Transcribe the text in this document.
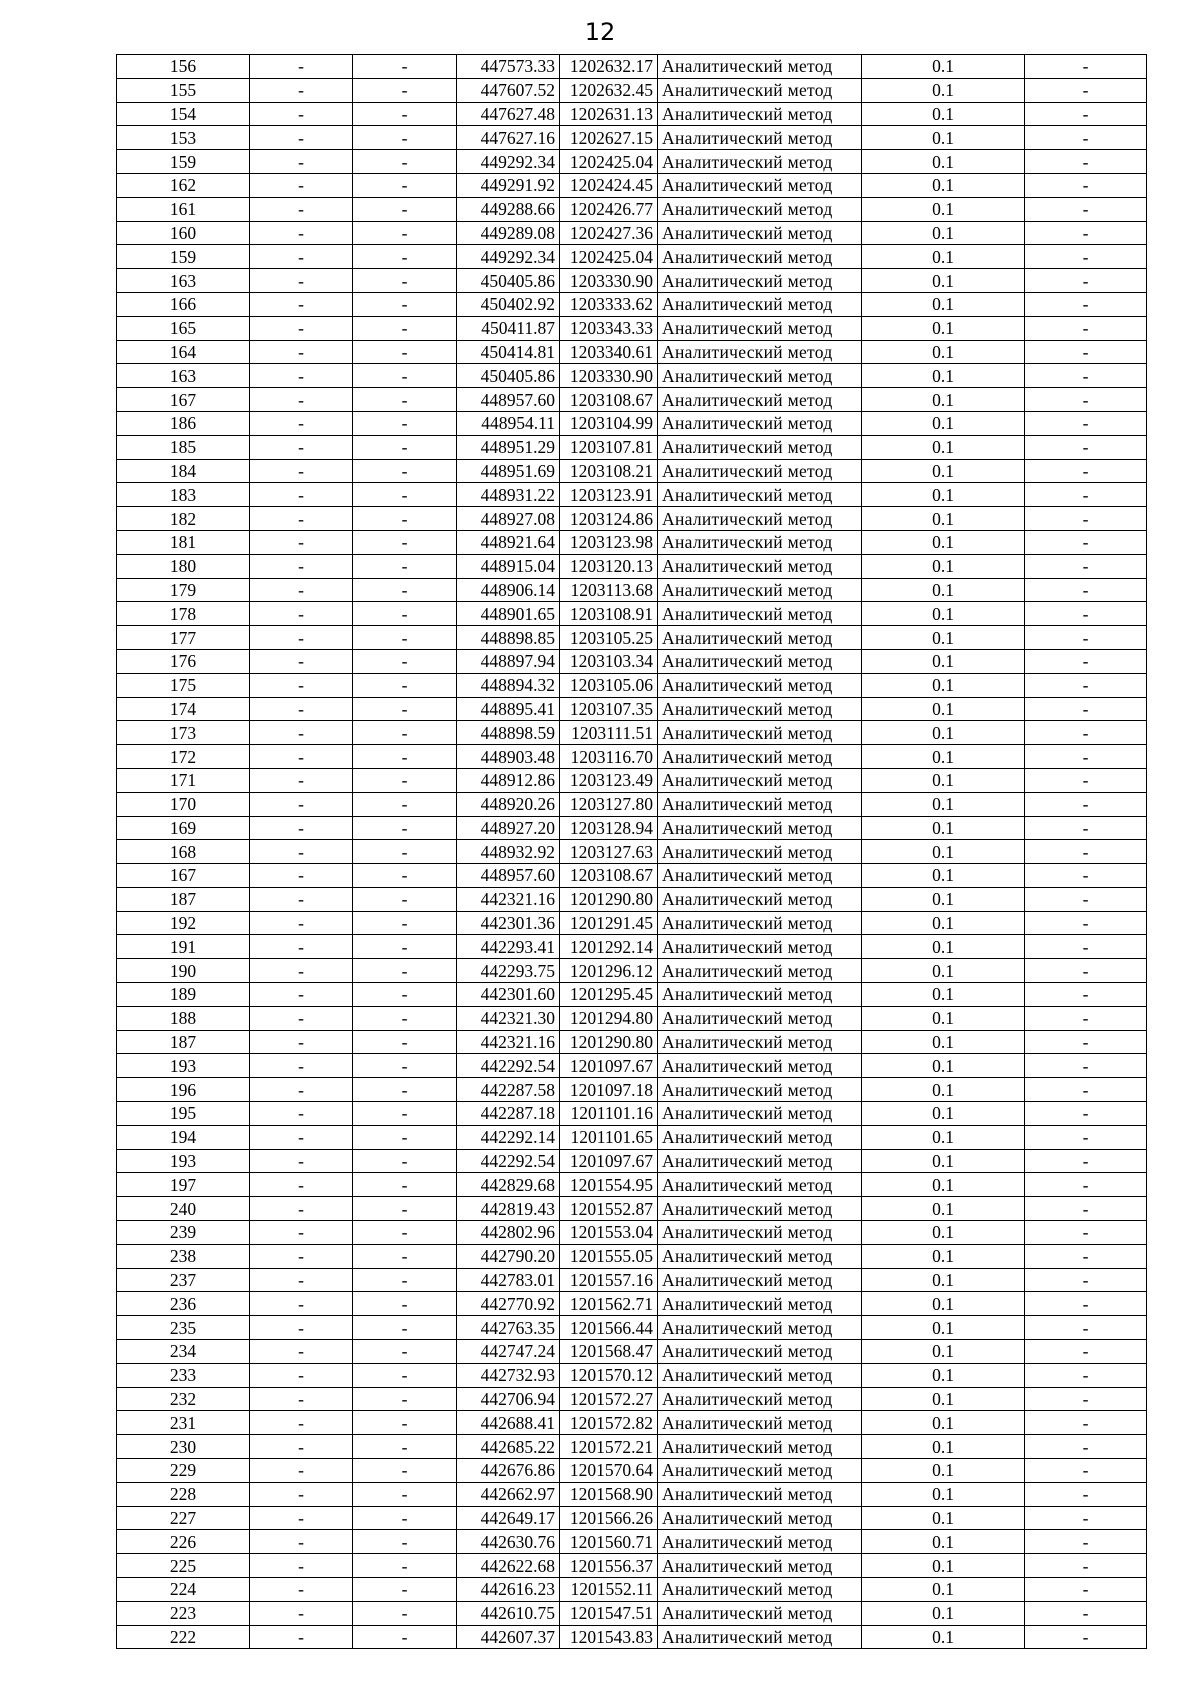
12
156	-	-	447573.33	1202632.17	Аналитический метод	0.1	-
155	-	-	447607.52	1202632.45	Аналитический метод	0.1	-
154	-	-	447627.48	1202631.13	Аналитический метод	0.1	-
153	-	-	447627.16	1202627.15	Аналитический метод	0.1	-
159	-	-	449292.34	1202425.04	Аналитический метод	0.1	-
162	-	-	449291.92	1202424.45	Аналитический метод	0.1	-
161	-	-	449288.66	1202426.77	Аналитический метод	0.1	-
160	-	-	449289.08	1202427.36	Аналитический метод	0.1	-
159	-	-	449292.34	1202425.04	Аналитический метод	0.1	-
163	-	-	450405.86	1203330.90	Аналитический метод	0.1	-
166	-	-	450402.92	1203333.62	Аналитический метод	0.1	-
165	-	-	450411.87	1203343.33	Аналитический метод	0.1	-
164	-	-	450414.81	1203340.61	Аналитический метод	0.1	-
163	-	-	450405.86	1203330.90	Аналитический метод	0.1	-
167	-	-	448957.60	1203108.67	Аналитический метод	0.1	-
186	-	-	448954.11	1203104.99	Аналитический метод	0.1	-
185	-	-	448951.29	1203107.81	Аналитический метод	0.1	-
184	-	-	448951.69	1203108.21	Аналитический метод	0.1	-
183	-	-	448931.22	1203123.91	Аналитический метод	0.1	-
182	-	-	448927.08	1203124.86	Аналитический метод	0.1	-
181	-	-	448921.64	1203123.98	Аналитический метод	0.1	-
180	-	-	448915.04	1203120.13	Аналитический метод	0.1	-
179	-	-	448906.14	1203113.68	Аналитический метод	0.1	-
178	-	-	448901.65	1203108.91	Аналитический метод	0.1	-
177	-	-	448898.85	1203105.25	Аналитический метод	0.1	-
176	-	-	448897.94	1203103.34	Аналитический метод	0.1	-
175	-	-	448894.32	1203105.06	Аналитический метод	0.1	-
174	-	-	448895.41	1203107.35	Аналитический метод	0.1	-
173	-	-	448898.59	1203111.51	Аналитический метод	0.1	-
172	-	-	448903.48	1203116.70	Аналитический метод	0.1	-
171	-	-	448912.86	1203123.49	Аналитический метод	0.1	-
170	-	-	448920.26	1203127.80	Аналитический метод	0.1	-
169	-	-	448927.20	1203128.94	Аналитический метод	0.1	-
168	-	-	448932.92	1203127.63	Аналитический метод	0.1	-
167	-	-	448957.60	1203108.67	Аналитический метод	0.1	-
187	-	-	442321.16	1201290.80	Аналитический метод	0.1	-
192	-	-	442301.36	1201291.45	Аналитический метод	0.1	-
191	-	-	442293.41	1201292.14	Аналитический метод	0.1	-
190	-	-	442293.75	1201296.12	Аналитический метод	0.1	-
189	-	-	442301.60	1201295.45	Аналитический метод	0.1	-
188	-	-	442321.30	1201294.80	Аналитический метод	0.1	-
187	-	-	442321.16	1201290.80	Аналитический метод	0.1	-
193	-	-	442292.54	1201097.67	Аналитический метод	0.1	-
196	-	-	442287.58	1201097.18	Аналитический метод	0.1	-
195	-	-	442287.18	1201101.16	Аналитический метод	0.1	-
194	-	-	442292.14	1201101.65	Аналитический метод	0.1	-
193	-	-	442292.54	1201097.67	Аналитический метод	0.1	-
197	-	-	442829.68	1201554.95	Аналитический метод	0.1	-
240	-	-	442819.43	1201552.87	Аналитический метод	0.1	-
239	-	-	442802.96	1201553.04	Аналитический метод	0.1	-
238	-	-	442790.20	1201555.05	Аналитический метод	0.1	-
237	-	-	442783.01	1201557.16	Аналитический метод	0.1	-
236	-	-	442770.92	1201562.71	Аналитический метод	0.1	-
235	-	-	442763.35	1201566.44	Аналитический метод	0.1	-
234	-	-	442747.24	1201568.47	Аналитический метод	0.1	-
233	-	-	442732.93	1201570.12	Аналитический метод	0.1	-
232	-	-	442706.94	1201572.27	Аналитический метод	0.1	-
231	-	-	442688.41	1201572.82	Аналитический метод	0.1	-
230	-	-	442685.22	1201572.21	Аналитический метод	0.1	-
229	-	-	442676.86	1201570.64	Аналитический метод	0.1	-
228	-	-	442662.97	1201568.90	Аналитический метод	0.1	-
227	-	-	442649.17	1201566.26	Аналитический метод	0.1	-
226	-	-	442630.76	1201560.71	Аналитический метод	0.1	-
225	-	-	442622.68	1201556.37	Аналитический метод	0.1	-
224	-	-	442616.23	1201552.11	Аналитический метод	0.1	-
223	-	-	442610.75	1201547.51	Аналитический метод	0.1	-
222	-	-	442607.37	1201543.83	Аналитический метод	0.1	-
